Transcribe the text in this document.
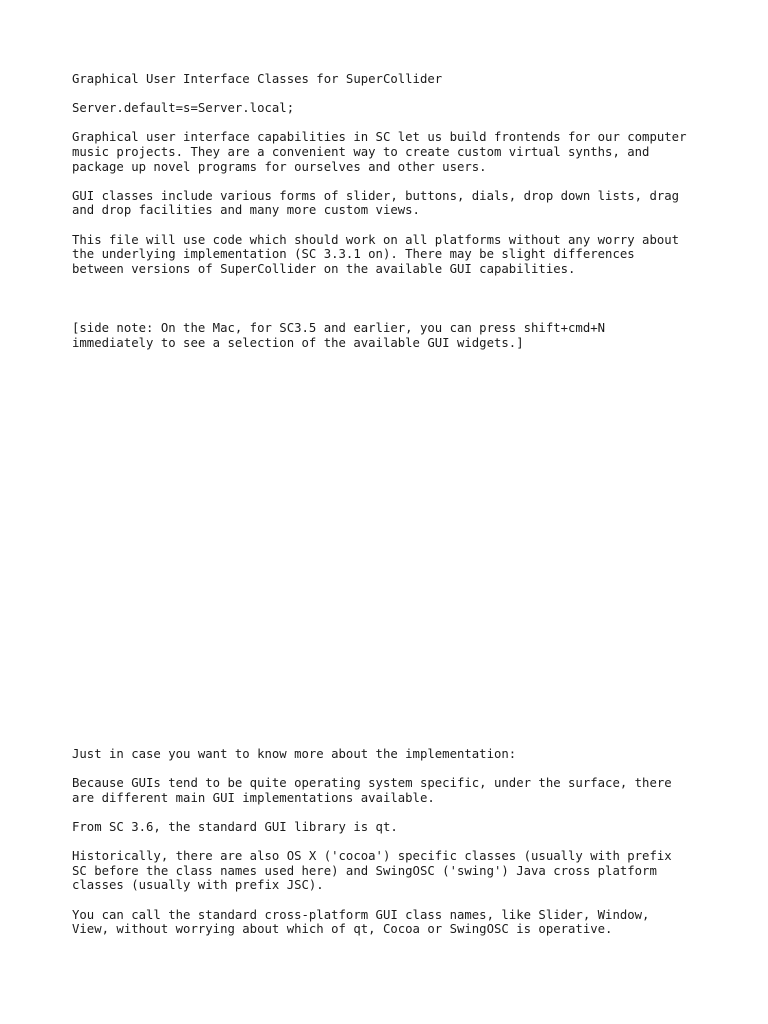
Graphical User Interface Classes for SuperCollider

Server.default=s=Server.local;

Graphical user interface capabilities in SC let us build frontends for our computer
music projects. They are a convenient way to create custom virtual synths, and
package up novel programs for ourselves and other users.

GUI classes include various forms of slider, buttons, dials, drop down lists, drag
and drop facilities and many more custom views.

This file will use code which should work on all platforms without any worry about
the underlying implementation (SC 3.3.1 on). There may be slight differences
between versions of SuperCollider on the available GUI capabilities.

[side note: On the Mac, for SC3.5 and earlier, you can press shift+cmd+N
immediately to see a selection of the available GUI widgets.]

Just in case you want to know more about the implementation:

Because GUIs tend to be quite operating system specific, under the surface, there
are different main GUI implementations available.

From SC 3.6, the standard GUI library is qt.

Historically, there are also OS X ('cocoa') specific classes (usually with prefix
SC before the class names used here) and SwingOSC ('swing') Java cross platform
classes (usually with prefix JSC).

You can call the standard cross-platform GUI class names, like Slider, Window,
View, without worrying about which of qt, Cocoa or SwingOSC is operative.
